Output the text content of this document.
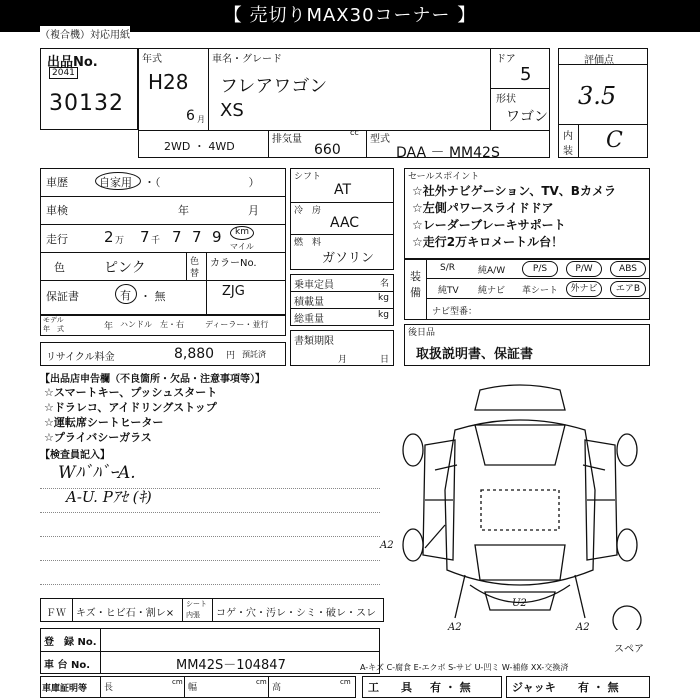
【 売切りMAX30コーナー 】
（複合機）対応用紙
出品No.
2041
30132
年式
H28
6 月
車名・グレード
フレアワゴン
XS
ドア
5
形状
ワゴン
2WD ・ 4WD
排気量
cc
660
型式
DAA － MM42S
評価点
3.5
内
装 C
車歴	自家用 ・（　　　　　　　　）
車検	年	月
走行 2 万 7 千 7 7 9 km
マイル
色	ピンク	色
替
カラーNo.
ZJG
保証書	有 ・ 無
モデル
年　式	年 ハンドル　左・右	ディーラー・並行
リサイクル料金	8,880 円 預託済
シフト
AT
冷　房
AAC
燃　料
ガソリン
乗車定員	名
積載量	kg
総重量	kg
書類期限
月	日
セールスポイント
☆社外ナビゲーション、TV、Bカメラ
☆左側パワースライドドア
☆レーダーブレーキサポート
☆走行2万キロメートル台！
装
備
S/R	純A/W	P/S	P/W	ABS
純TV 純ナビ 革シート	外ナビ	エアB
ナビ型番：
後日品
取扱説明書、保証書
【出品店申告欄（不良箇所・欠品・注意事項等）】
☆スマートキー、プッシュスタート
☆ドラレコ、アイドリングストップ
☆運転席シートヒーター
☆プライバシーガラス
【検査員記入】
WﾊﾞﾊﾞｰA.
A-U. Pｱｾ (ｷ)
A2
U2
A2	A2
スペア
ＦＷ キズ・ヒビ石・割レ×
シート
内張 コゲ・穴・汚レ・シミ・破レ・スレ
登　録 No.
車 台 No.	MM42S－104847	A-キズ C-腐食 E-エクボ S-サビ U-凹ミ W-補修 XX-交換済
車庫証明等 長
cm
幅
cm
高
cm 工　　具 有 ・ 無	ジャッキ 有 ・ 無
